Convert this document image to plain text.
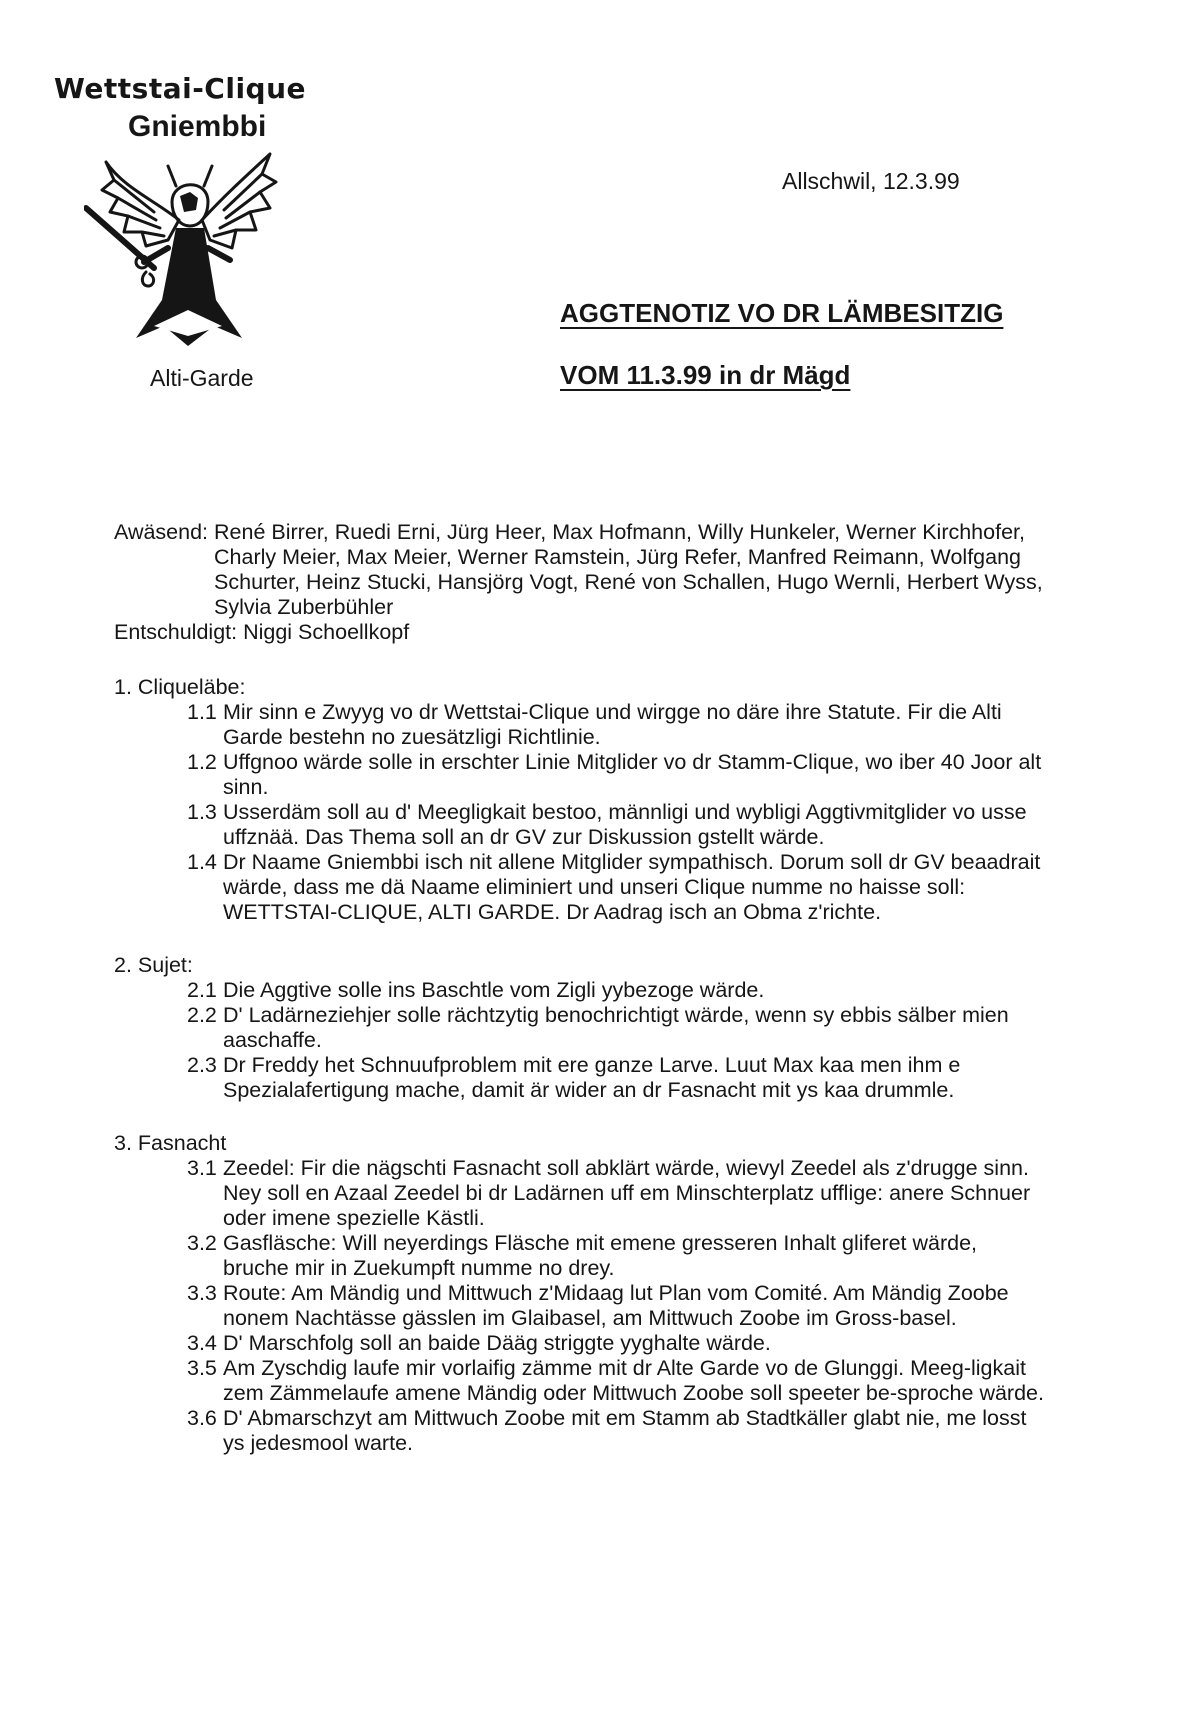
Wettstai-Clique
Gniembbi

Alti-Garde

Allschwil, 12.3.99

AGGTENOTIZ VO DR LÄMBESITZIG
VOM 11.3.99 in dr Mägd
Awäsend: René Birrer, Ruedi Erni, Jürg Heer, Max Hofmann, Willy Hunkeler, Werner Kirchhofer, Charly Meier, Max Meier, Werner Ramstein, Jürg Refer, Manfred Reimann, Wolfgang Schurter, Heinz Stucki, Hansjörg Vogt, René von Schallen, Hugo Wernli, Herbert Wyss, Sylvia Zuberbühler
Entschuldigt: Niggi Schoellkopf
1. Cliqueläbe:
1.1 Mir sinn e Zwyyg vo dr Wettstai-Clique und wirgge no däre ihre Statute. Fir die Alti Garde bestehn no zuesätzligi Richtlinie.
1.2 Uffgnoo wärde solle in erschter Linie Mitglider vo dr Stamm-Clique, wo iber 40 Joor alt sinn.
1.3 Usserdäm soll au d' Meegligkait bestoo, männligi und wybligi Aggtivmitglider vo usse uffznää. Das Thema soll an dr GV zur Diskussion gstellt wärde.
1.4 Dr Naame Gniembbi isch nit allene Mitglider sympathisch. Dorum soll dr GV beaadrait wärde, dass me dä Naame eliminiert und unseri Clique numme no haisse soll: WETTSTAI-CLIQUE, ALTI GARDE. Dr Aadrag isch an Obma z'richte.
2. Sujet:
2.1 Die Aggtive solle ins Baschtle vom Zigli yybezoge wärde.
2.2 D' Ladärneziehjer solle rächtzytig benochrichtigt wärde, wenn sy ebbis sälber mien aaschaffe.
2.3 Dr Freddy het Schnuufproblem mit ere ganze Larve. Luut Max kaa men ihm e Spezialafertigung mache, damit är wider an dr Fasnacht mit ys kaa drummle.
3. Fasnacht
3.1 Zeedel: Fir die nägschti Fasnacht soll abklärt wärde, wievyl Zeedel als z'drugge sinn. Ney soll en Azaal Zeedel bi dr Ladärnen uff em Minschterplatz ufflige: anere Schnuer oder imene spezielle Kästli.
3.2 Gasfläsche: Will neyerdings Fläsche mit emene gresseren Inhalt gliferet wärde, bruche mir in Zuekumpft numme no drey.
3.3 Route: Am Mändig und Mittwuch z'Midaag lut Plan vom Comité. Am Mändig Zoobe nonem Nachtässe gässlen im Glaibasel, am Mittwuch Zoobe im Gross-basel.
3.4 D' Marschfolg soll an baide Dääg striggte yyghalte wärde.
3.5 Am Zyschdig laufe mir vorlaifig zämme mit dr Alte Garde vo de Glunggi. Meeg-ligkait zem Zämmelaufe amene Mändig oder Mittwuch Zoobe soll speeter be-sproche wärde.
3.6 D' Abmarschzyt am Mittwuch Zoobe mit em Stamm ab Stadtkäller glabt nie, me losst ys jedesmool warte.
